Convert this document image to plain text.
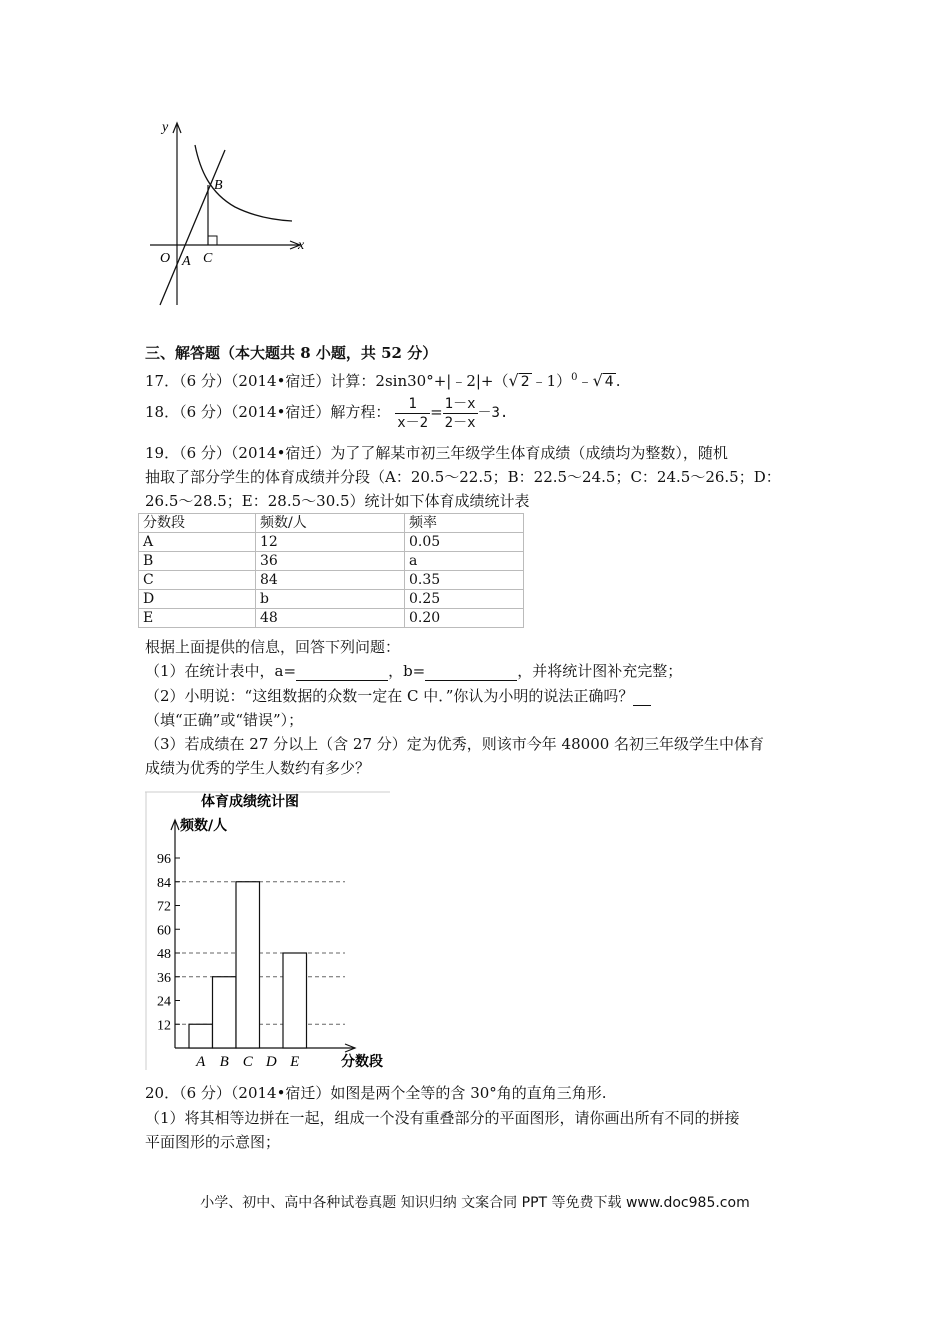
y
x
O A
B
C
三、解答题（本大题共 8 小题，共 52 分）
17．（6 分）（2014•宿迁）计算：2sin30°+|﹣2|+（√ 2 ﹣1）$^0$﹣√ 4 .
18．（6 分）（2014•宿迁）解方程： $\frac{1}{x-2} = \frac{1-x}{2-x} -3$.
19．（6 分）（2014•宿迁）为了了解某市初三年级学生体育成绩（成绩均为整数），随机
抽取了部分学生的体育成绩并分段（A：20.5～22.5；B：22.5～24.5；C：24.5～26.5；D：
26.5～28.5；E：28.5～30.5）统计如下体育成绩统计表
分数段	频数/人	频率
A	12	0.05
B	36	a
C	84	0.35
D	b	0.25
E	48	0.20
根据上面提供的信息，回答下列问题：
（1）在统计表中，a=	，b=	，并将统计图补充完整；
（2）小明说：“这组数据的众数一定在 C 中．”你认为小明的说法正确吗？
（填“正确”或“错误”）；
（3）若成绩在 27 分以上（含 27 分）定为优秀，则该市今年 48000 名初三年级学生中体育
成绩为优秀的学生人数约有多少？
体育成绩统计图
频数/人
分数段
12
24
36
48
60
72
84
96
A B C D E
20．（6 分）（2014•宿迁）如图是两个全等的含 30°角的直角三角形.
（1）将其相等边拼在一起，组成一个没有重叠部分的平面图形，请你画出所有不同的拼接
平面图形的示意图；
小学、初中、高中各种试卷真题 知识归纳 文案合同 PPT 等免费下载 www.doc985.com
